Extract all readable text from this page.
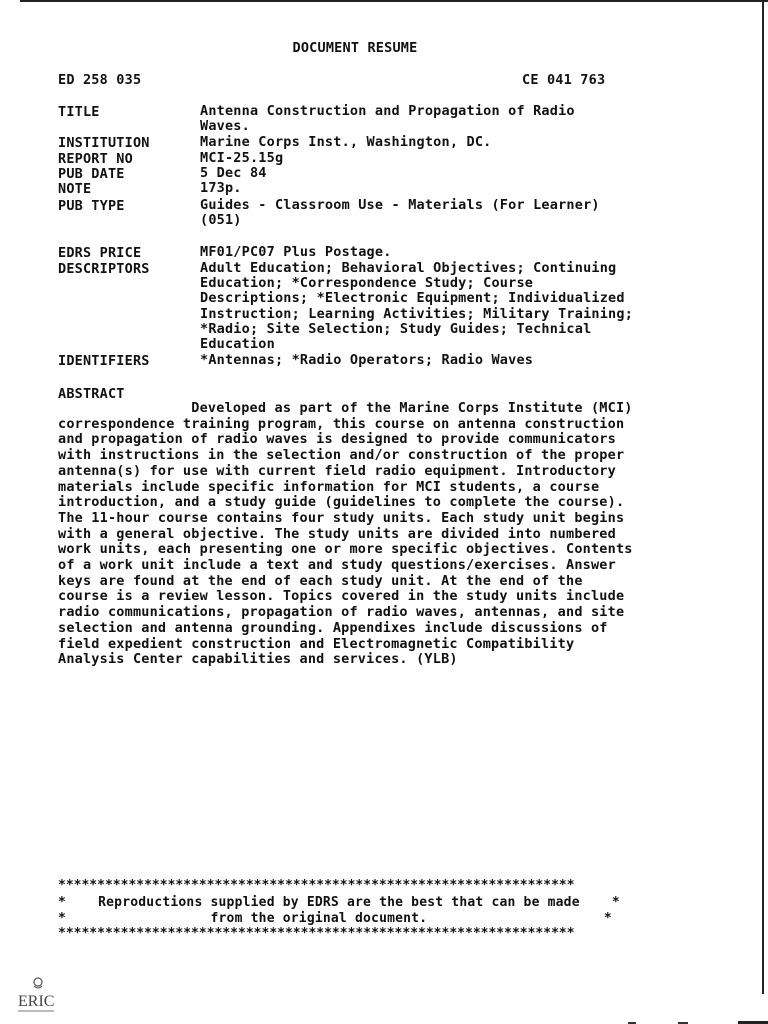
DOCUMENT RESUME
ED 258 035	CE 041 763
TITLE	Antenna Construction and Propagation of Radio
Waves.
INSTITUTION	Marine Corps Inst., Washington, DC.
REPORT NO	MCI-25.15g
PUB DATE	5 Dec 84
NOTE	173p.
PUB TYPE	Guides - Classroom Use - Materials (For Learner)
(051)
EDRS PRICE	MF01/PC07 Plus Postage.
DESCRIPTORS	Adult Education; Behavioral Objectives; Continuing
Education; *Correspondence Study; Course
Descriptions; *Electronic Equipment; Individualized
Instruction; Learning Activities; Military Training;
*Radio; Site Selection; Study Guides; Technical
Education
IDENTIFIERS	*Antennas; *Radio Operators; Radio Waves
ABSTRACT
Developed as part of the Marine Corps Institute (MCI)
correspondence training program, this course on antenna construction
and propagation of radio waves is designed to provide communicators
with instructions in the selection and/or construction of the proper
antenna(s) for use with current field radio equipment. Introductory
materials include specific information for MCI students, a course
introduction, and a study guide (guidelines to complete the course).
The 11-hour course contains four study units. Each study unit begins
with a general objective. The study units are divided into numbered
work units, each presenting one or more specific objectives. Contents
of a work unit include a text and study questions/exercises. Answer
keys are found at the end of each study unit. At the end of the
course is a review lesson. Topics covered in the study units include
radio communications, propagation of radio waves, antennas, and site
selection and antenna grounding. Appendixes include discussions of
field expedient construction and Electromagnetic Compatibility
Analysis Center capabilities and services. (YLB)
******************************************************************
*    Reproductions supplied by EDRS are the best that can be made    *
*                  from the original document.                      *
******************************************************************
ERIC
